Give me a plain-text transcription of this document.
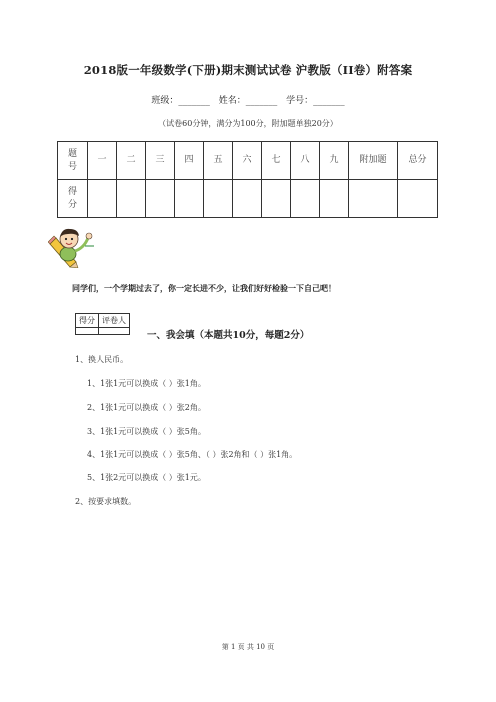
2018版一年级数学(下册)期末测试试卷 沪教版（II卷）附答案
班级：_______ 姓名：_______ 学号：_______
（试卷60分钟，满分为100分，附加题单独20分）
题
号	一	二	三	四	五	六	七	八	九	附加题	总分

得
分											

同学们，一个学期过去了，你一定长进不少，让我们好好检验一下自己吧！
得分	评卷人

一、我会填（本题共10分，每题2分）
1、换人民币。
1、1张1元可以换成（ ）张1角。
2、1张1元可以换成（ ）张2角。
3、1张1元可以换成（ ）张5角。
4、1张1元可以换成（ ）张5角、（ ）张2角和（ ）张1角。
5、1张2元可以换成（ ）张1元。
2、按要求填数。
第 1 页 共 10 页
